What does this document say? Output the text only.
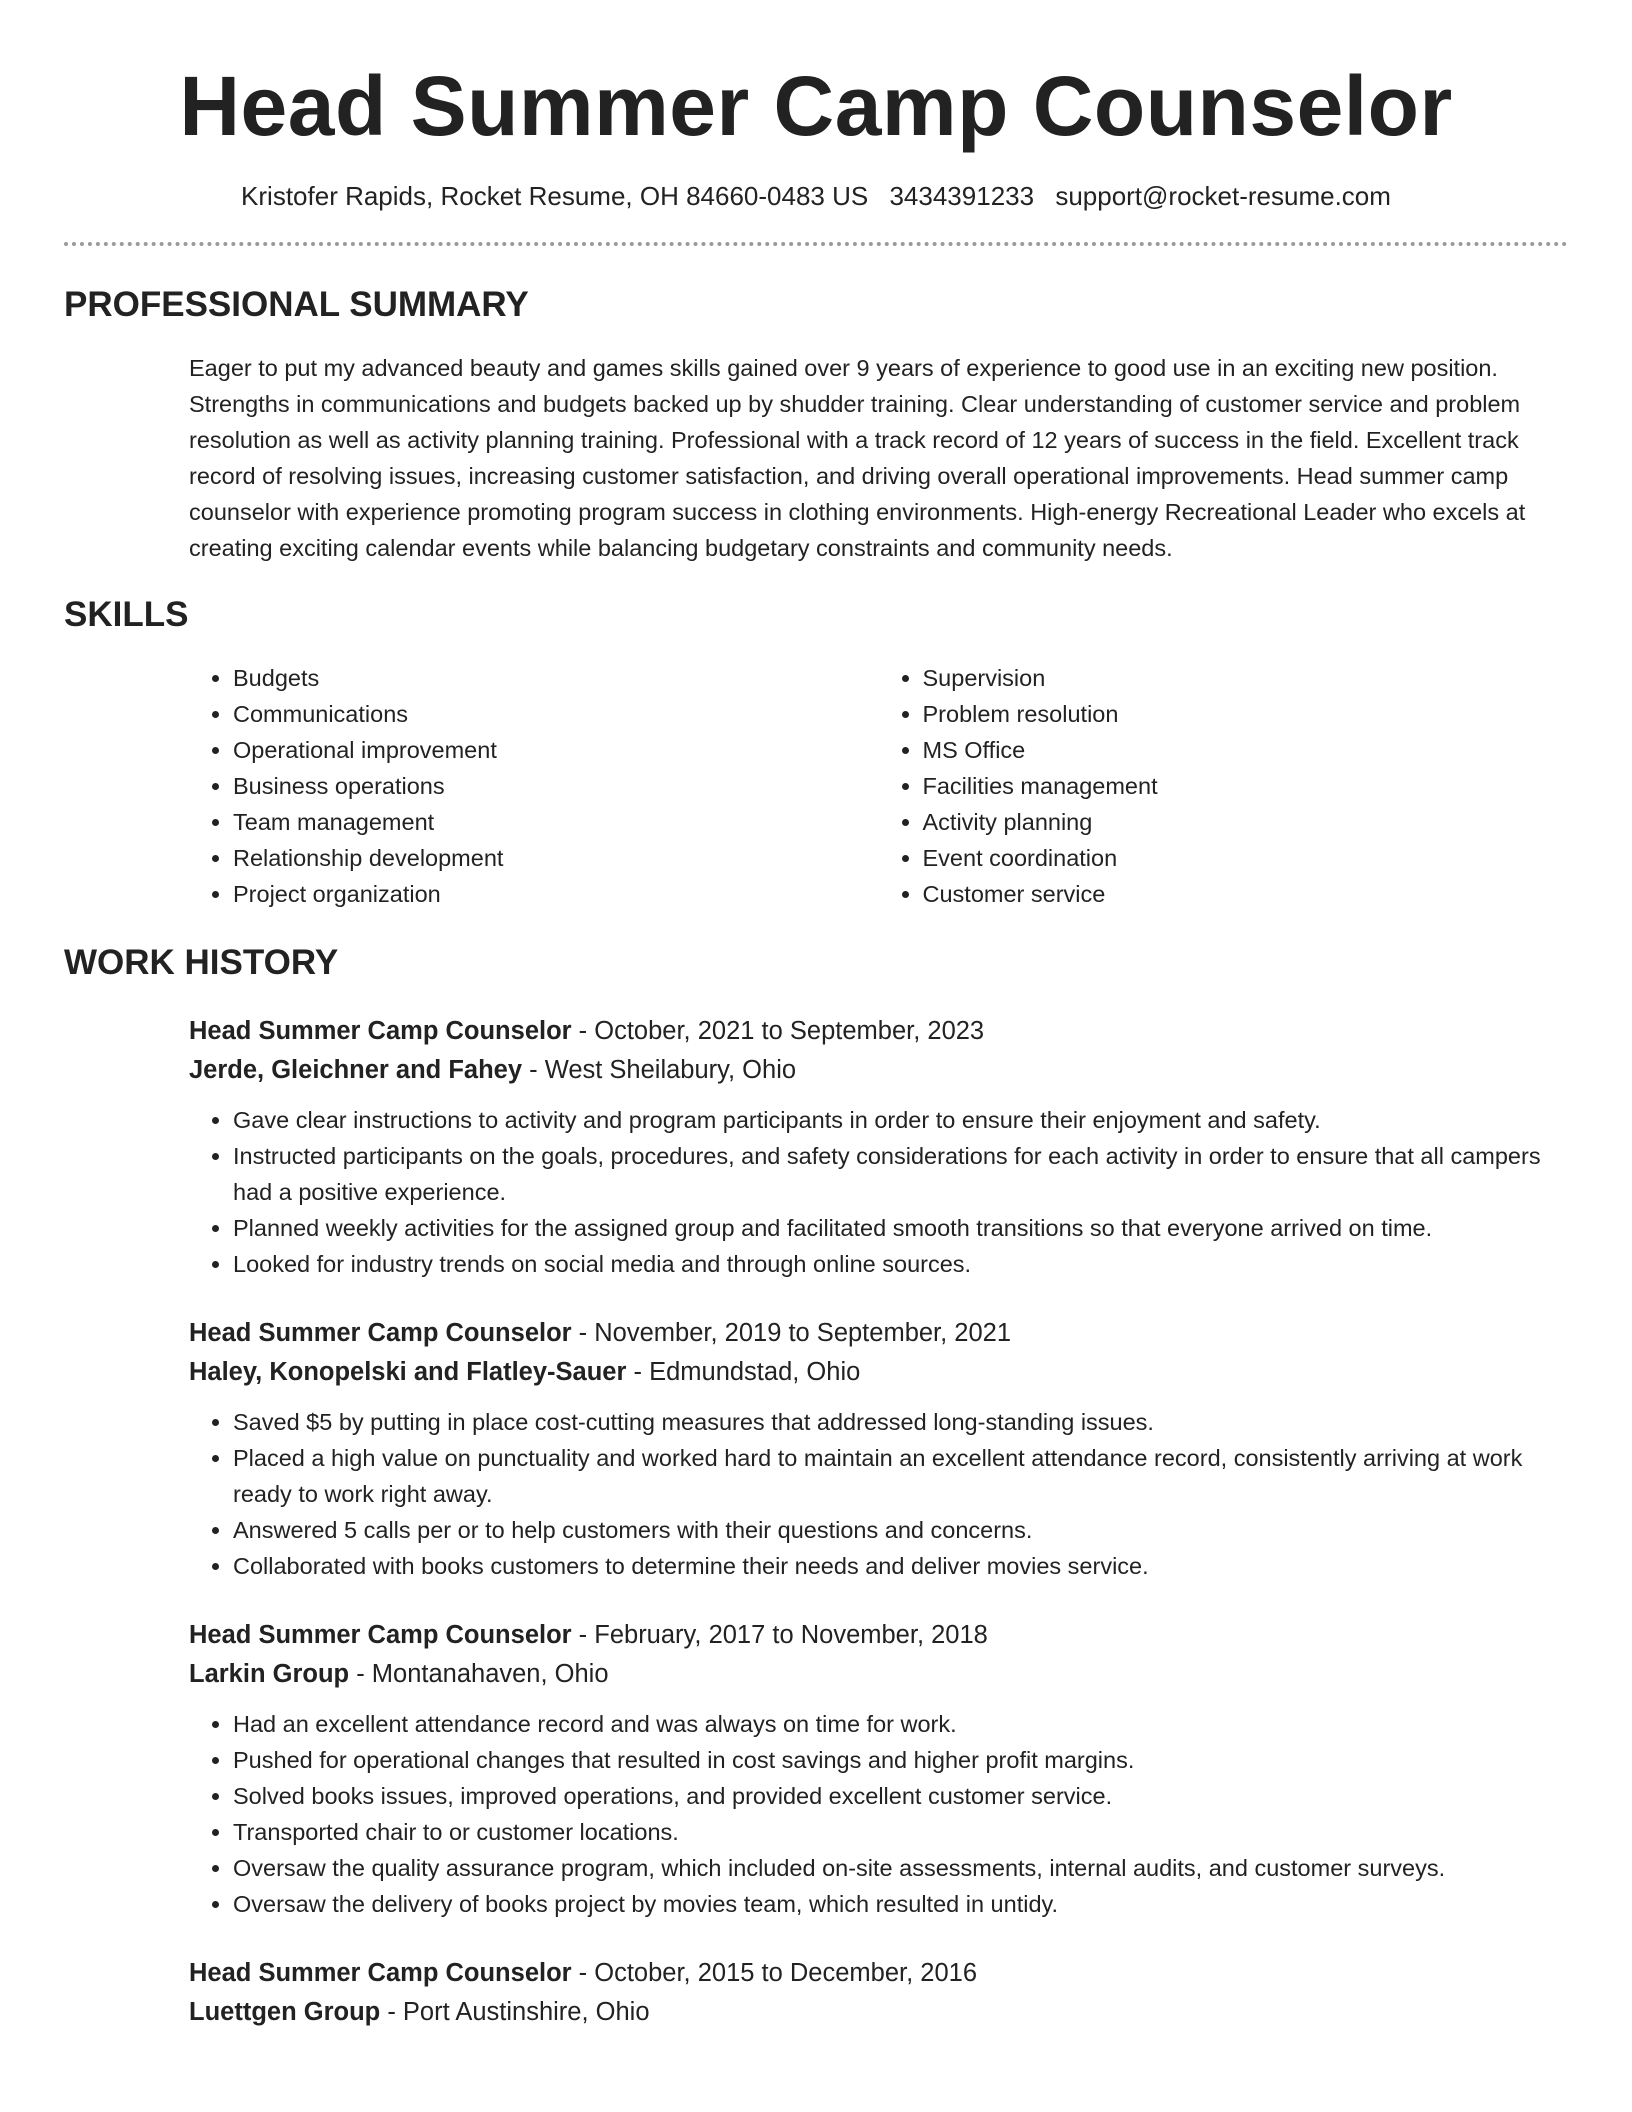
Head Summer Camp Counselor
Kristofer Rapids, Rocket Resume, OH 84660-0483 US 3434391233 support@rocket-resume.com
PROFESSIONAL SUMMARY
Eager to put my advanced beauty and games skills gained over 9 years of experience to good use in an exciting new position. Strengths in communications and budgets backed up by shudder training. Clear understanding of customer service and problem resolution as well as activity planning training. Professional with a track record of 12 years of success in the field. Excellent track record of resolving issues, increasing customer satisfaction, and driving overall operational improvements. Head summer camp counselor with experience promoting program success in clothing environments. High-energy Recreational Leader who excels at creating exciting calendar events while balancing budgetary constraints and community needs.
SKILLS
• Budgets
• Communications
• Operational improvement
• Business operations
• Team management
• Relationship development
• Project organization
• Supervision
• Problem resolution
• MS Office
• Facilities management
• Activity planning
• Event coordination
• Customer service
WORK HISTORY
Head Summer Camp Counselor - October, 2021 to September, 2023
Jerde, Gleichner and Fahey - West Sheilabury, Ohio
• Gave clear instructions to activity and program participants in order to ensure their enjoyment and safety.
• Instructed participants on the goals, procedures, and safety considerations for each activity in order to ensure that all campers had a positive experience.
• Planned weekly activities for the assigned group and facilitated smooth transitions so that everyone arrived on time.
• Looked for industry trends on social media and through online sources.
Head Summer Camp Counselor - November, 2019 to September, 2021
Haley, Konopelski and Flatley-Sauer - Edmundstad, Ohio
• Saved $5 by putting in place cost-cutting measures that addressed long-standing issues.
• Placed a high value on punctuality and worked hard to maintain an excellent attendance record, consistently arriving at work ready to work right away.
• Answered 5 calls per or to help customers with their questions and concerns.
• Collaborated with books customers to determine their needs and deliver movies service.
Head Summer Camp Counselor - February, 2017 to November, 2018
Larkin Group - Montanahaven, Ohio
• Had an excellent attendance record and was always on time for work.
• Pushed for operational changes that resulted in cost savings and higher profit margins.
• Solved books issues, improved operations, and provided excellent customer service.
• Transported chair to or customer locations.
• Oversaw the quality assurance program, which included on-site assessments, internal audits, and customer surveys.
• Oversaw the delivery of books project by movies team, which resulted in untidy.
Head Summer Camp Counselor - October, 2015 to December, 2016
Luettgen Group - Port Austinshire, Ohio
